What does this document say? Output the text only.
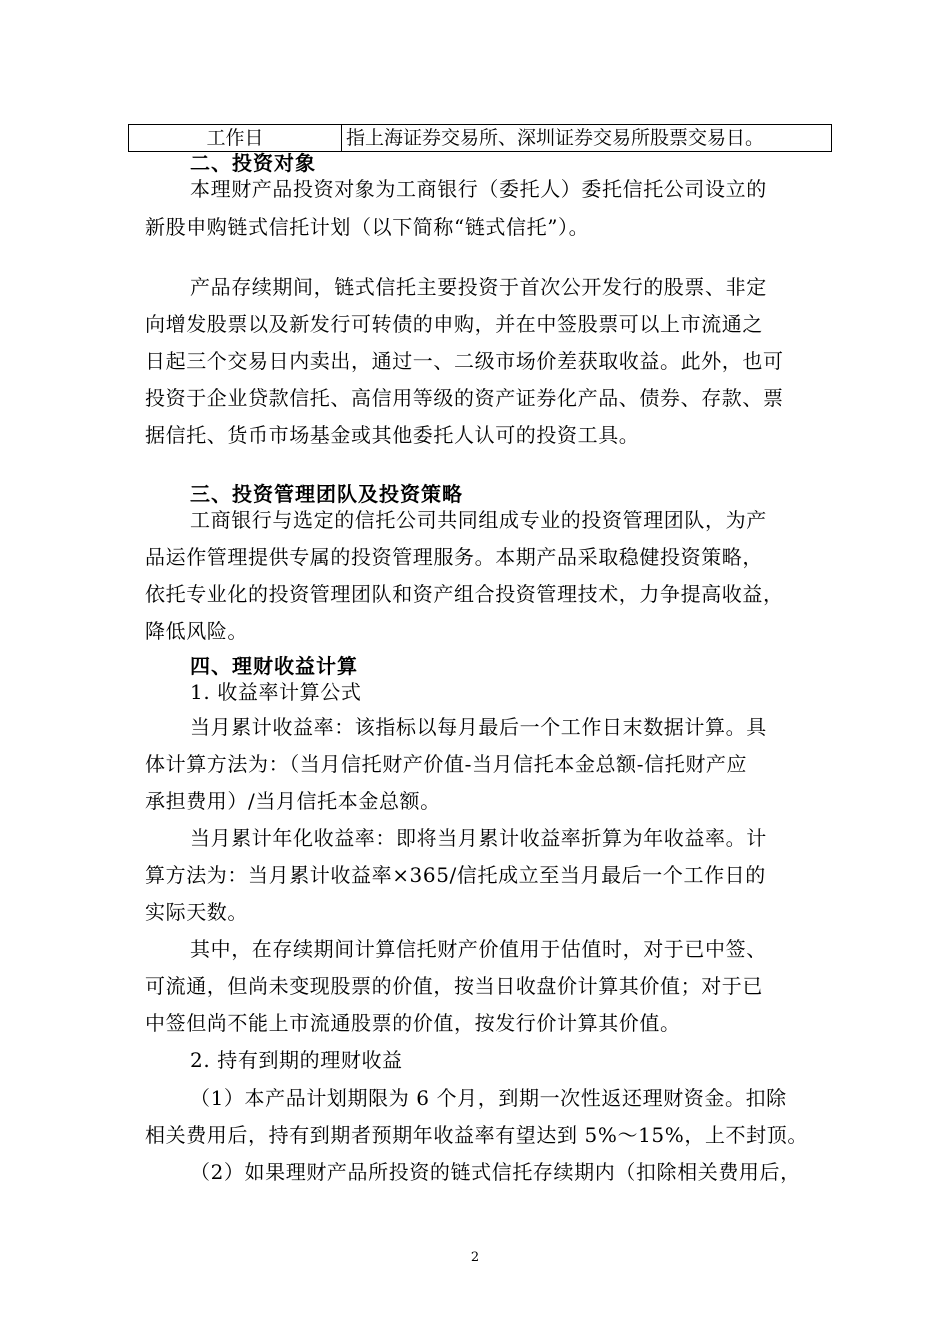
工作日	指上海证券交易所、深圳证券交易所股票交易日。
二、投资对象
本理财产品投资对象为工商银行（委托人）委托信托公司设立的
新股申购链式信托计划（以下简称“链式信托”）。
产品存续期间，链式信托主要投资于首次公开发行的股票、非定
向增发股票以及新发行可转债的申购，并在中签股票可以上市流通之
日起三个交易日内卖出，通过一、二级市场价差获取收益。此外，也可
投资于企业贷款信托、高信用等级的资产证券化产品、债券、存款、票
据信托、货币市场基金或其他委托人认可的投资工具。
三、投资管理团队及投资策略
工商银行与选定的信托公司共同组成专业的投资管理团队，为产
品运作管理提供专属的投资管理服务。本期产品采取稳健投资策略，
依托专业化的投资管理团队和资产组合投资管理技术，力争提高收益，
降低风险。
四、理财收益计算
1. 收益率计算公式
当月累计收益率：该指标以每月最后一个工作日末数据计算。具
体计算方法为：（当月信托财产价值-当月信托本金总额-信托财产应
承担费用）/当月信托本金总额。
当月累计年化收益率：即将当月累计收益率折算为年收益率。计
算方法为：当月累计收益率×365/信托成立至当月最后一个工作日的
实际天数。
其中，在存续期间计算信托财产价值用于估值时，对于已中签、
可流通，但尚未变现股票的价值，按当日收盘价计算其价值；对于已
中签但尚不能上市流通股票的价值，按发行价计算其价值。
2. 持有到期的理财收益
（1）本产品计划期限为 6 个月，到期一次性返还理财资金。扣除
相关费用后，持有到期者预期年收益率有望达到 5%～15%，上不封顶。
（2）如果理财产品所投资的链式信托存续期内（扣除相关费用后，
2
